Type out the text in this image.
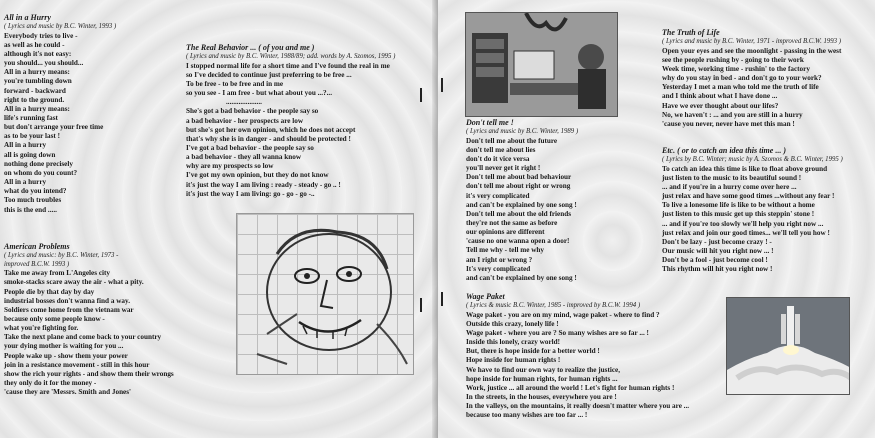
All in a Hurry
( Lyrics and music by B.C. Winter, 1993 )
Everybody tries to live -
as well as he could -
although it's not easy:
you should... you should...
All in a hurry means:
you're tumbling down
forward - backward
right to the ground.
All in a hurry means:
life's running fast
but don't arrange your free time
as to be your last !
All in a hurry
all is going down
nothing done precisely
on whom do you count?
All in a hurry
what do you intend?
Too much troubles
this is the end .....
American Problems
( Lyrics and music: by B.C. Winter, 1973 - improved B.C.W. 1993 )
Take me away from L'Angeles city
smoke-stacks scare away the air - what a pity.
People die by that day by day
industrial bosses don't wanna find a way.
Soldiers come home from the vietnam war
because only some people know -
what you're fighting for.
Take the next plane and come back to your country
your dying mother is waiting for you ...
People wake up - show them your power
join in a resistance movement - still in this hour
show the rich your rights - and show them their wrongs
they only do it for the money -
'cause they are 'Messrs. Smith and Jones'
The Real Behavior ... ( of you and me )
( Lyrics and music by B.C. Winter, 1988/89; add. words by A. Szomos, 1995 )
I stopped normal life for a short time and I've found the real in me
so I've decided to continue just preferring to be free ...
To be free - to be free and in me
so you see - I am free - but what about you ...?...
....................
She's got a bad behavior - the people say so
a bad behavior - her prospects are low
but she's got her own opinion, which he does not accept
that's why she is in danger - and should be protected !
I've got a bad behavior - the people say so
a bad behavior - they all wanna know
why are my prospects so low
I've got my own opinion, but they do not know
it's just the way I am living : ready - steady - go .. !
it's just the way I am living: go - go - go -..
Don't tell me !
( Lyrics and music by B.C. Winter, 1989 )
Don't tell me about the future
don't tell me about lies
don't do it vice versa
you'll never get it right !
Don't tell me about bad behaviour
don't tell me about right or wrong
it's very complicated
and can't be explained by one song !
Don't tell me about the old friends
they're not the same as before
our opinions are different
'cause no one wanna open a door!
Tell me why - tell me why
am I right or wrong ?
It's very complicated
and can't be explained by one song !
Wage Paket
( Lyrics & music B.C. Winter, 1985 - improved by B.C.W. 1994 )
Wage paket - you are on my mind, wage paket - where to find ?
Outside this crazy, lonely life !
Wage paket - where you are ? So many wishes are so far ... !
Inside this lonely, crazy world!
But, there is hope inside for a better world !
Hope inside for human rights !
We have to find our own way to realize the justice,
hope inside for human rights, for human rights ...
Work, justice ... all around the world ! Let's fight for human rights !
In the streets, in the houses, everywhere you are !
In the valleys, on the mountains, it really doesn't matter where you are ...
because too many wishes are too far ... !
The Truth of Life
( Lyrics and music by B.C. Winter, 1971 - improved B.C.W. 1993 )
Open your eyes and see the moonlight - passing in the west
see the people rushing by - going to their work
Week time, working time - rushin' to the factory
why do you stay in bed - and don't go to your work?
Yesterday I met a man who told me the truth of life
and I think about what I have done ...
Have we ever thought about our lifes?
No, we haven't : ... and you are still in a hurry
'cause you never, never have met this man !
Etc. ( or to catch an idea this time ... )
( Lyrics by B.C. Winter; music by A. Szomos & B.C. Winter, 1995 )
To catch an idea this time is like to float above ground
just listen to the music to its beautiful sound !
... and if you're in a hurry come over here ...
just relax and have some good times ...without any fear !
To live a lonesome life is like to be without a home
just listen to this music get up this steppin' stone !
... and if you're too slowly we'll help you right now ...
just relax and join our good times... we'll tell you how !
Don't be lazy - just become crazy ! -
Our music will hit you right now ... !
Don't be a fool - just become cool !
This rhythm will hit you right now !
